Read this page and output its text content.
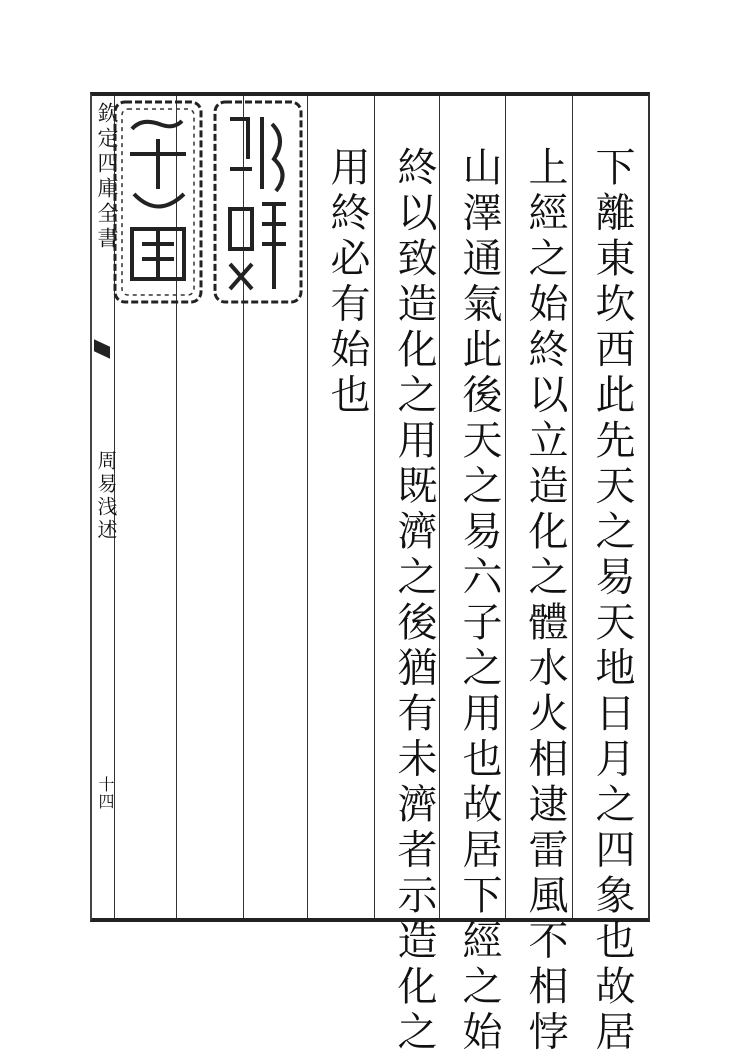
欽定四庫全書
周易浅述
十四	下離東坎西此先天之易天地日月之四象也故居
上經之始終以立造化之體水火相逮雷風不相悖
山澤通氣此後天之易六子之用也故居下經之始
終以致造化之用既濟之後猶有未濟者示造化之
用終必有始也
